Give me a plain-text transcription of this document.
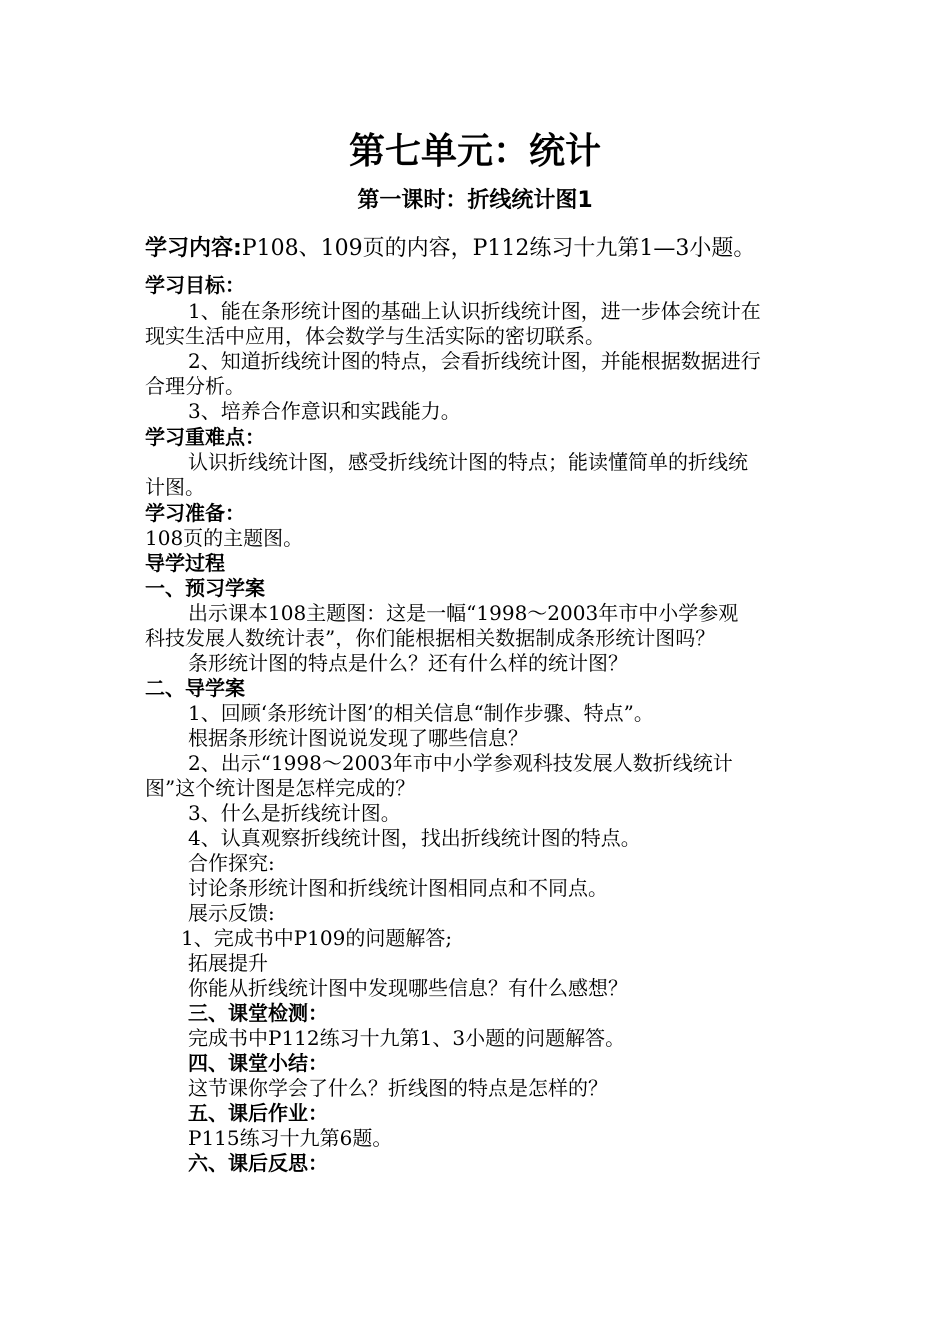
第七单元：统计
第一课时：折线统计图1
学习内容:P108、109页的内容，P112练习十九第1—3小题。
学习目标：
1、能在条形统计图的基础上认识折线统计图，进一步体会统计在
现实生活中应用，体会数学与生活实际的密切联系。
2、知道折线统计图的特点，会看折线统计图，并能根据数据进行
合理分析。
3、培养合作意识和实践能力。
学习重难点：
认识折线统计图，感受折线统计图的特点；能读懂简单的折线统
计图。
学习准备：
108页的主题图。
导学过程
一、预习学案
出示课本108主题图：这是一幅“1998～2003年市中小学参观
科技发展人数统计表”，你们能根据相关数据制成条形统计图吗？
条形统计图的特点是什么？还有什么样的统计图？
二、导学案
1、回顾‘条形统计图’的相关信息“制作步骤、特点”。
根据条形统计图说说发现了哪些信息？
2、出示“1998～2003年市中小学参观科技发展人数折线统计
图”这个统计图是怎样完成的？
3、什么是折线统计图。
4、认真观察折线统计图，找出折线统计图的特点。
合作探究:
讨论条形统计图和折线统计图相同点和不同点。
展示反馈:
1、完成书中P109的问题解答;
拓展提升
你能从折线统计图中发现哪些信息？有什么感想？
三、课堂检测：
完成书中P112练习十九第1、3小题的问题解答。
四、课堂小结：
这节课你学会了什么？折线图的特点是怎样的？
五、课后作业：
P115练习十九第6题。
六、课后反思：
